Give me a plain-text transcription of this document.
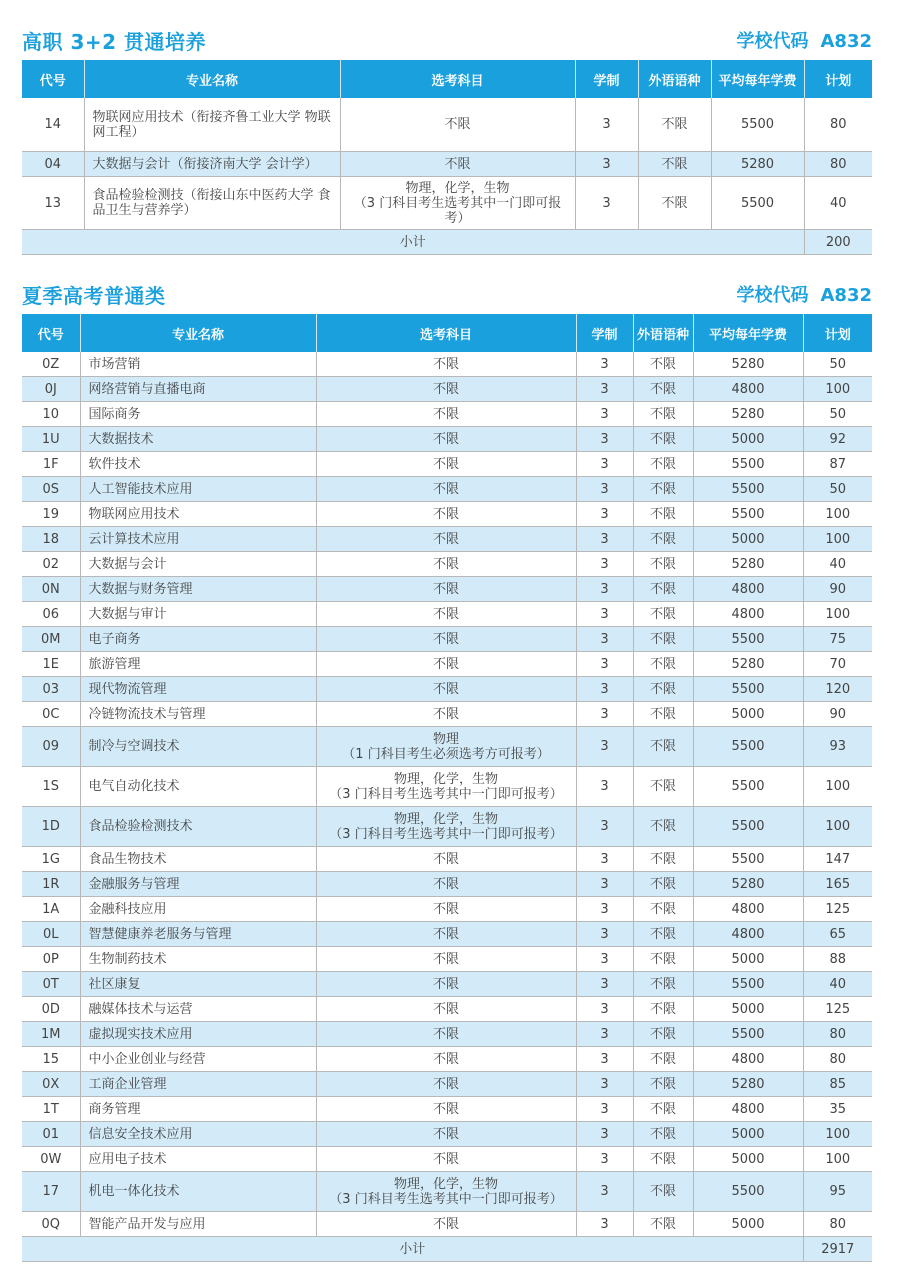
高职 3+2 贯通培养	学校代码 A832
代号	专业名称	选考科目	学制	外语语种	平均每年学费	计划
14	物联网应用技术（衔接齐鲁工业大学 物联网工程）	不限	3	不限	5500	80
04	大数据与会计（衔接济南大学 会计学）	不限	3	不限	5280	80
13	食品检验检测技（衔接山东中医药大学 食品卫生与营养学）	物理，化学，生物
（3 门科目考生选考其中一门即可报考）	3	不限	5500	40
小计						200
夏季高考普通类	学校代码 A832
代号	专业名称	选考科目	学制	外语语种	平均每年学费	计划
0Z	市场营销	不限	3	不限	5280	50
0J	网络营销与直播电商	不限	3	不限	4800	100
10	国际商务	不限	3	不限	5280	50
1U	大数据技术	不限	3	不限	5000	92
1F	软件技术	不限	3	不限	5500	87
0S	人工智能技术应用	不限	3	不限	5500	50
19	物联网应用技术	不限	3	不限	5500	100
18	云计算技术应用	不限	3	不限	5000	100
02	大数据与会计	不限	3	不限	5280	40
0N	大数据与财务管理	不限	3	不限	4800	90
06	大数据与审计	不限	3	不限	4800	100
0M	电子商务	不限	3	不限	5500	75
1E	旅游管理	不限	3	不限	5280	70
03	现代物流管理	不限	3	不限	5500	120
0C	冷链物流技术与管理	不限	3	不限	5000	90
09	制冷与空调技术	物理
（1 门科目考生必须选考方可报考）	3	不限	5500	93
1S	电气自动化技术	物理，化学，生物
（3 门科目考生选考其中一门即可报考）	3	不限	5500	100
1D	食品检验检测技术	物理，化学，生物
（3 门科目考生选考其中一门即可报考）	3	不限	5500	100
1G	食品生物技术	不限	3	不限	5500	147
1R	金融服务与管理	不限	3	不限	5280	165
1A	金融科技应用	不限	3	不限	4800	125
0L	智慧健康养老服务与管理	不限	3	不限	4800	65
0P	生物制药技术	不限	3	不限	5000	88
0T	社区康复	不限	3	不限	5500	40
0D	融媒体技术与运营	不限	3	不限	5000	125
1M	虚拟现实技术应用	不限	3	不限	5500	80
15	中小企业创业与经营	不限	3	不限	4800	80
0X	工商企业管理	不限	3	不限	5280	85
1T	商务管理	不限	3	不限	4800	35
01	信息安全技术应用	不限	3	不限	5000	100
0W	应用电子技术	不限	3	不限	5000	100
17	机电一体化技术	物理，化学，生物
（3 门科目考生选考其中一门即可报考）	3	不限	5500	95
0Q	智能产品开发与应用	不限	3	不限	5000	80
小计						2917
